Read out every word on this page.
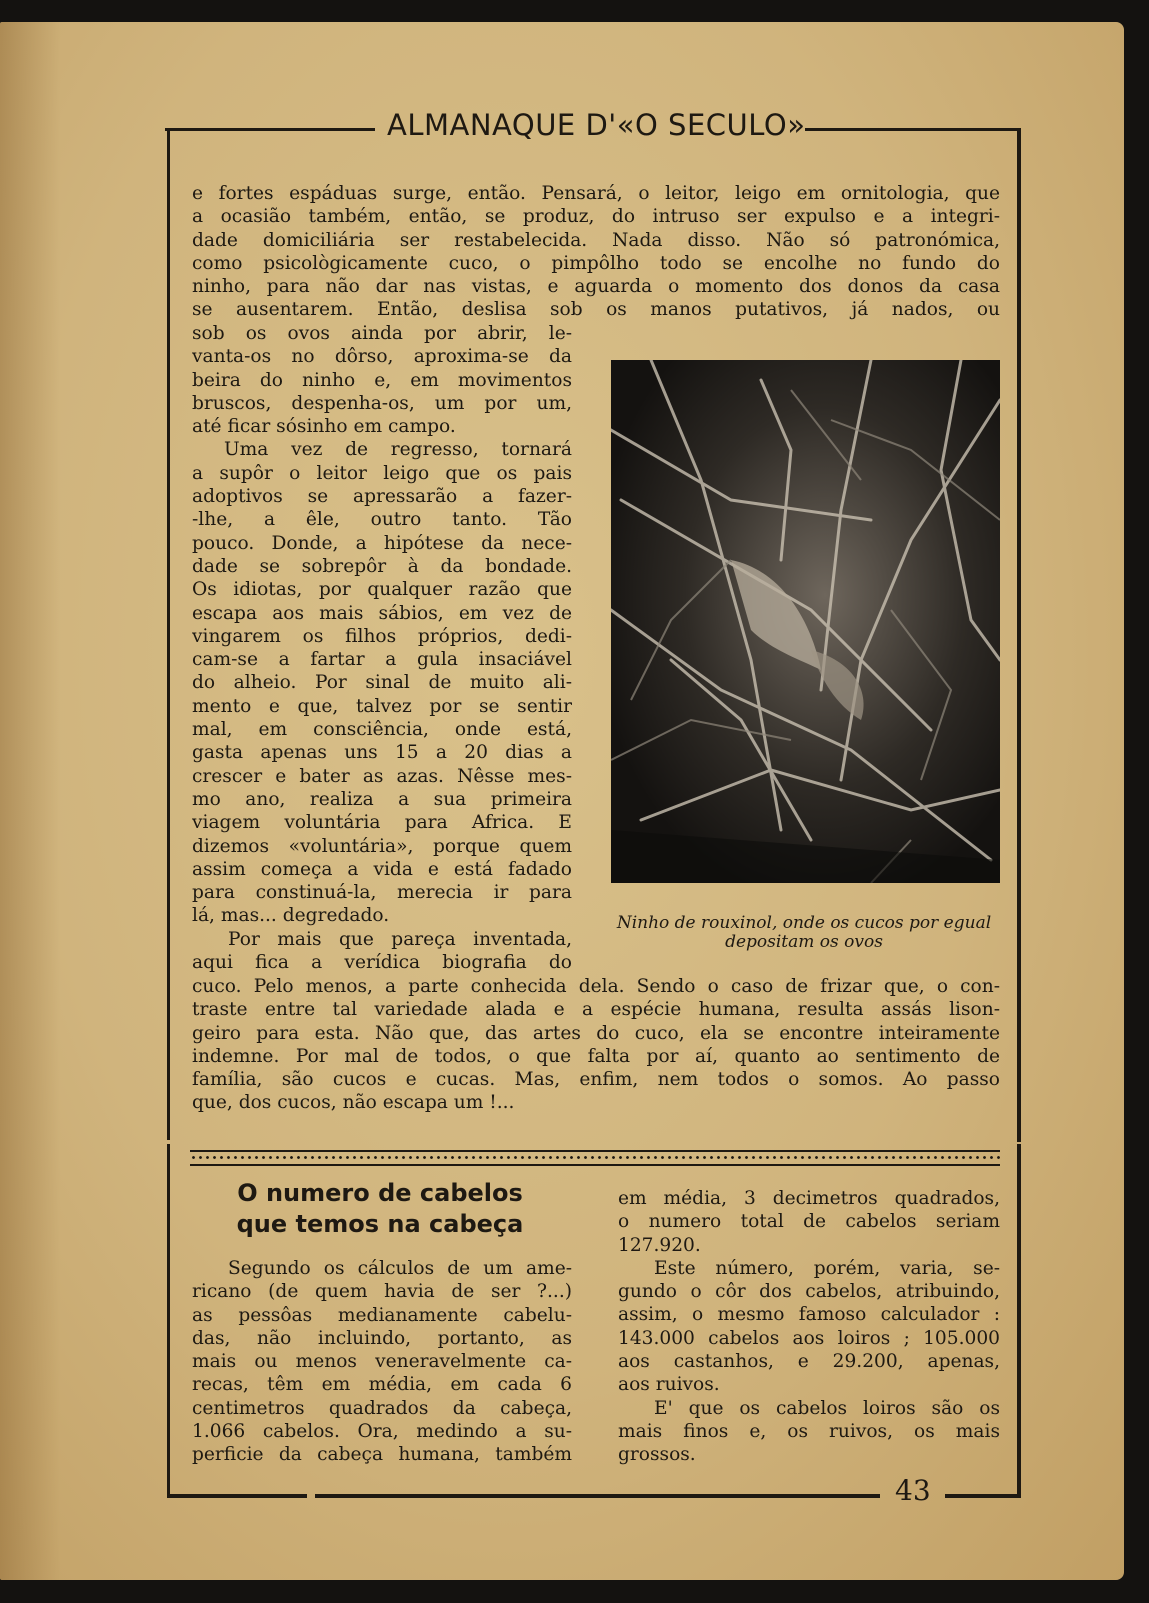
ALMANAQUE D'«O SECULO»
e fortes espáduas surge, então. Pensará, o leitor, leigo em ornitologia, que
a ocasião também, então, se produz, do intruso ser expulso e a integri-
dade domiciliária ser restabelecida. Nada disso. Não só patronómica,
como psicològicamente cuco, o pimpôlho todo se encolhe no fundo do
ninho, para não dar nas vistas, e aguarda o momento dos donos da casa
se ausentarem. Então, deslisa sob os manos putativos, já nados, ou
sob os ovos ainda por abrir, le-
vanta-os no dôrso, aproxima-se da
beira do ninho e, em movimentos
bruscos, despenha-os, um por um,
até ficar sósinho em campo.
Uma vez de regresso, tornará
a supôr o leitor leigo que os pais
adoptivos se apressarão a fazer-
-lhe, a êle, outro tanto. Tão
pouco. Donde, a hipótese da nece-
dade se sobrepôr à da bondade.
Os idiotas, por qualquer razão que
escapa aos mais sábios, em vez de
vingarem os filhos próprios, dedi-
cam-se a fartar a gula insaciável
do alheio. Por sinal de muito ali-
mento e que, talvez por se sentir
mal, em consciência, onde está,
gasta apenas uns 15 a 20 dias a
crescer e bater as azas. Nêsse mes-
mo ano, realiza a sua primeira
viagem voluntária para Africa. E
dizemos «voluntária», porque quem
assim começa a vida e está fadado
para constinuá-la, merecia ir para
lá, mas... degredado.
Por mais que pareça inventada,
aqui fica a verídica biografia do
Ninho de rouxinol, onde os cucos por egual depositam os ovos
cuco. Pelo menos, a parte conhecida dela. Sendo o caso de frizar que, o con-
traste entre tal variedade alada e a espécie humana, resulta assás lison-
geiro para esta. Não que, das artes do cuco, ela se encontre inteiramente
indemne. Por mal de todos, o que falta por aí, quanto ao sentimento de
família, são cucos e cucas. Mas, enfim, nem todos o somos. Ao passo
que, dos cucos, não escapa um !...
O numero de cabelos
que temos na cabeça
Segundo os cálculos de um ame-
ricano (de quem havia de ser ?...)
as pessôas medianamente cabelu-
das, não incluindo, portanto, as
mais ou menos veneravelmente ca-
recas, têm em média, em cada 6
centimetros quadrados da cabeça,
1.066 cabelos. Ora, medindo a su-
perficie da cabeça humana, também
em média, 3 decimetros quadrados,
o numero total de cabelos seriam
127.920.
Este número, porém, varia, se-
gundo o côr dos cabelos, atribuindo,
assim, o mesmo famoso calculador :
143.000 cabelos aos loiros ; 105.000
aos castanhos, e 29.200, apenas,
aos ruivos.
E' que os cabelos loiros são os
mais finos e, os ruivos, os mais
grossos.
43
